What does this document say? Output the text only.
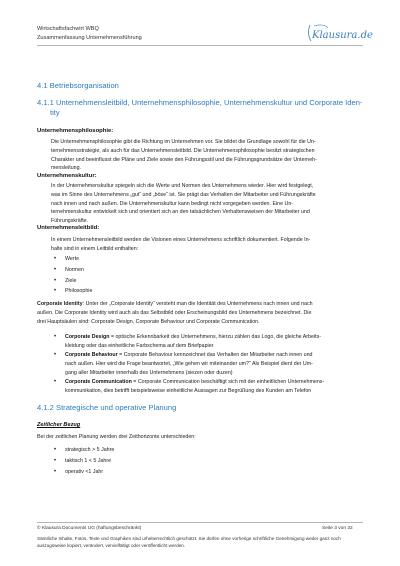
Wirtschaftsfachwirt WBQ
Zusammenfassung Unternehmensführung	Klausura.de
4.1 Betriebsorganisation
4.1.1 Unternehmensleitbild, Unternehmensphilosophie, Unternehmenskultur und Corporate Iden-
tity
Unternehmensphilosophie:
Die Unternehmensphilosophie gibt die Richtung im Unternehmen vor. Sie bildet die Grundlage sowohl für die Un-
ternehmensstrategie, als auch für das Unternehmensleitbild. Die Unternehmensphilosophie besitzt strategischen
Charakter und beeinflusst die Pläne und Ziele sowie den Führungsstil und die Führungsgrundsätze der Unterneh-
mensleitung.
Unternehmenskultur:
In der Unternehmenskultur spiegeln sich die Werte und Normen des Unternehmens wieder. Hier wird festgelegt,
was im Sinne des Unternehmens „gut“ und „böse“ ist. Sie prägt das Verhalten der Mitarbeiter und Führungskräfte
nach innen und nach außen. Die Unternehmenskultur kann bedingt nicht vorgegeben werden. Eine Un-
ternehmenskultur entwickelt sich und orientiert sich an den tatsächlichen Verhaltensweisen der Mitarbeiter und
Führungskräfte.
Unternehmensleitbild:
In einem Unternehmensleitbild werden die Visionen eines Unternehmens schriftlich dokumentiert. Folgende In-
halte sind in einem Leitbild enthalten:
• Werte
• Normen
• Ziele
• Philosophie
Corporate Identity: Unter der „Corporate Identity“ versteht man die Identität des Unternehmens nach innen und nach
außen. Die Corporate Identity wird auch als das Selbstbild oder Erscheinungsbild des Unternehmens bezeichnet. Die
drei Hauptsäulen sind: Corporate Design, Corporate Behaviour und Corporate Communication.
• Corporate Design = optische Erkennbarkeit des Unternehmens, hierzu zählen das Logo, die gleiche Arbeits-
kleidung oder das einheitliche Farbschema auf dem Briefpapier
• Corporate Behaviour = Corporate Behaviour kennzeichnet das Verhalten der Mitarbeiter nach innen und
nach außen. Hier wird die Frage beantwortet, „Wie gehen wir miteinander um?“ Als Beispiel dient der Um-
gang aller Mitarbeiter innerhalb des Unternehmens (siezen oder duzen)
• Corporate Communication = Corporate Communication beschäftigt sich mit der einheitlichen Unternehmens-
kommunikation, dies betrifft beispielsweise einheitliche Aussagen zur Begrüßung des Kunden am Telefon
4.1.2 Strategische und operative Planung
Zeitlicher Bezug
Bei der zeitlichen Planung werden drei Zeithorizonte unterschieden:
• strategisch > 5 Jahre
• taktisch 1 < 5 Jahre
• operativ <1 Jahr
© Klausura Documents UG (haftungsbeschränkt)	Seite 3 von 32
Sämtliche Inhalte, Fotos, Texte und Graphiken sind urheberrechtlich geschützt. Sie dürfen ohne vorherige schriftliche Genehmigung weder ganz noch
auszugsweise kopiert, verändert, vervielfältigt oder veröffentlicht werden.
